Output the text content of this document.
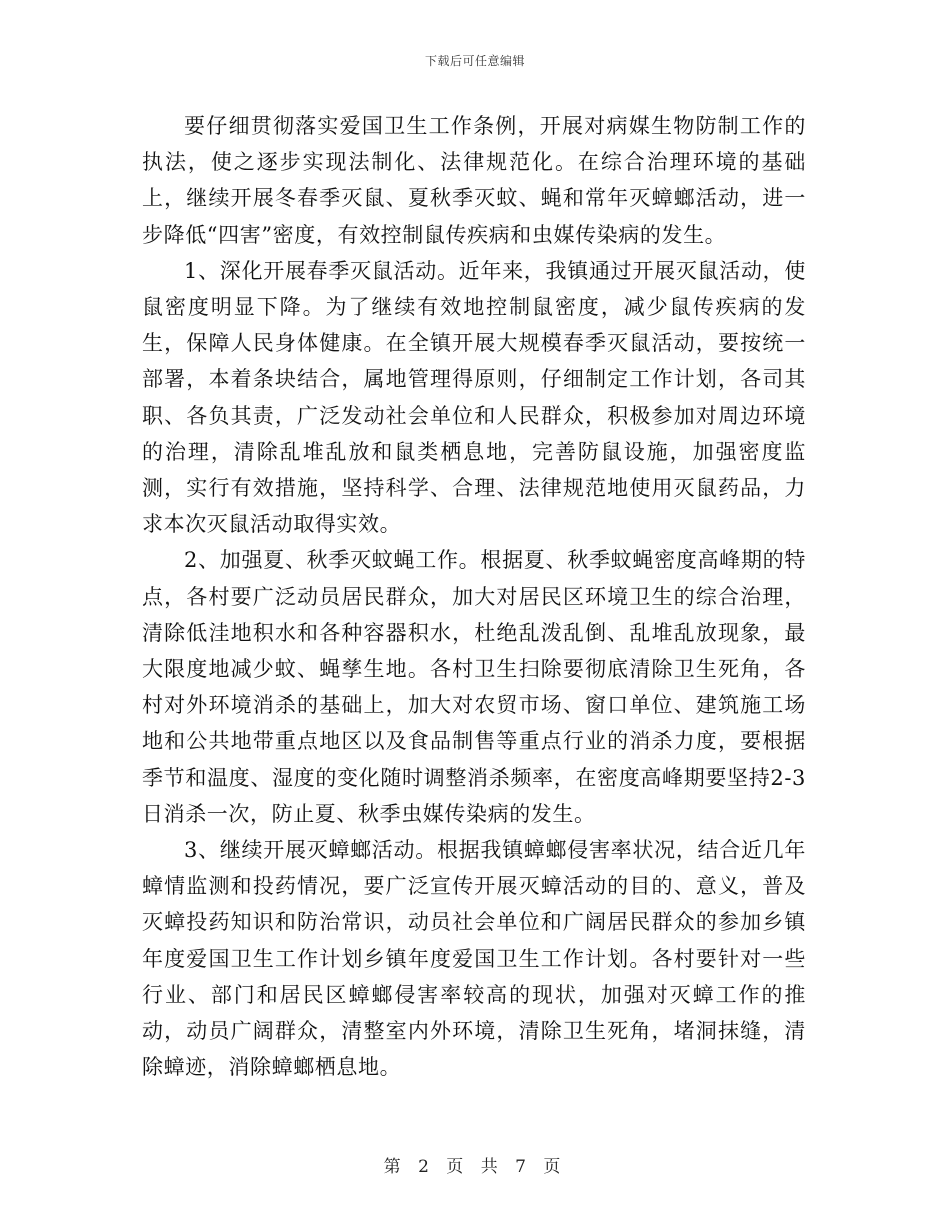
下载后可任意编辑

要仔细贯彻落实爱国卫生工作条例，开展对病媒生物防制工作的执法，使之逐步实现法制化、法律规范化。在综合治理环境的基础上，继续开展冬春季灭鼠、夏秋季灭蚊、蝇和常年灭蟑螂活动，进一步降低“四害”密度，有效控制鼠传疾病和虫媒传染病的发生。

1、深化开展春季灭鼠活动。近年来，我镇通过开展灭鼠活动，使鼠密度明显下降。为了继续有效地控制鼠密度，减少鼠传疾病的发生，保障人民身体健康。在全镇开展大规模春季灭鼠活动，要按统一部署，本着条块结合，属地管理得原则，仔细制定工作计划，各司其职、各负其责，广泛发动社会单位和人民群众，积极参加对周边环境的治理，清除乱堆乱放和鼠类栖息地，完善防鼠设施，加强密度监测，实行有效措施，坚持科学、合理、法律规范地使用灭鼠药品，力求本次灭鼠活动取得实效。

2、加强夏、秋季灭蚊蝇工作。根据夏、秋季蚊蝇密度高峰期的特点，各村要广泛动员居民群众，加大对居民区环境卫生的综合治理，清除低洼地积水和各种容器积水，杜绝乱泼乱倒、乱堆乱放现象，最大限度地减少蚊、蝇孳生地。各村卫生扫除要彻底清除卫生死角，各村对外环境消杀的基础上，加大对农贸市场、窗口单位、建筑施工场地和公共地带重点地区以及食品制售等重点行业的消杀力度，要根据季节和温度、湿度的变化随时调整消杀频率，在密度高峰期要坚持2-3日消杀一次，防止夏、秋季虫媒传染病的发生。

3、继续开展灭蟑螂活动。根据我镇蟑螂侵害率状况，结合近几年蟑情监测和投药情况，要广泛宣传开展灭蟑活动的目的、意义，普及灭蟑投药知识和防治常识，动员社会单位和广阔居民群众的参加乡镇年度爱国卫生工作计划乡镇年度爱国卫生工作计划。各村要针对一些行业、部门和居民区蟑螂侵害率较高的现状，加强对灭蟑工作的推动，动员广阔群众，清整室内外环境，清除卫生死角，堵洞抹缝，清除蟑迹，消除蟑螂栖息地。

第 2 页 共 7 页
